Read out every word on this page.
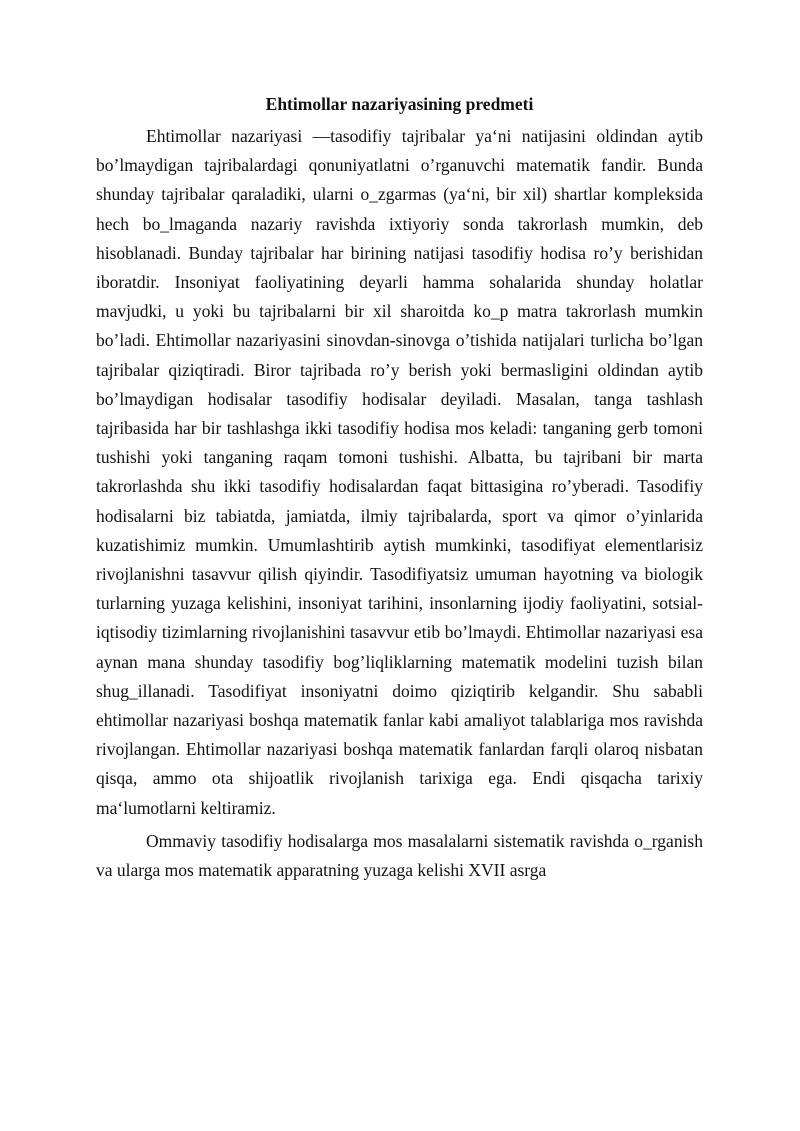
Ehtimollar nazariyasining predmeti

Ehtimollar nazariyasi ―tasodifiy tajribalar ya‘ni natijasini oldindan aytib bo’lmaydigan tajribalardagi qonuniyatlatni o’rganuvchi matematik fandir. Bunda shunday tajribalar qaraladiki, ularni o_zgarmas (ya‘ni, bir xil) shartlar kompleksida hech bo_lmaganda nazariy ravishda ixtiyoriy sonda takrorlash mumkin, deb hisoblanadi. Bunday tajribalar har birining natijasi tasodifiy hodisa ro’y berishidan iboratdir. Insoniyat faoliyatining deyarli hamma sohalarida shunday holatlar mavjudki, u yoki bu tajribalarni bir xil sharoitda ko_p matra takrorlash mumkin bo’ladi. Ehtimollar nazariyasini sinovdan-sinovga o’tishida natijalari turlicha bo’lgan tajribalar qiziqtiradi. Biror tajribada ro’y berish yoki bermasligini oldindan aytib bo’lmaydigan hodisalar tasodifiy hodisalar deyiladi. Masalan, tanga tashlash tajribasida har bir tashlashga ikki tasodifiy hodisa mos keladi: tanganing gerb tomoni tushishi yoki tanganing raqam tomoni tushishi. Albatta, bu tajribani bir marta takrorlashda shu ikki tasodifiy hodisalardan faqat bittasigina ro’yberadi. Tasodifiy hodisalarni biz tabiatda, jamiatda, ilmiy tajribalarda, sport va qimor o’yinlarida kuzatishimiz mumkin. Umumlashtirib aytish mumkinki, tasodifiyat elementlarisiz rivojlanishni tasavvur qilish qiyindir. Tasodifiyatsiz umuman hayotning va biologik turlarning yuzaga kelishini, insoniyat tarihini, insonlarning ijodiy faoliyatini, sotsial-iqtisodiy tizimlarning rivojlanishini tasavvur etib bo’lmaydi. Ehtimollar nazariyasi esa aynan mana shunday tasodifiy bog’liqliklarning matematik modelini tuzish bilan shug_illanadi. Tasodifiyat insoniyatni doimo qiziqtirib kelgandir. Shu sababli ehtimollar nazariyasi boshqa matematik fanlar kabi amaliyot talablariga mos ravishda rivojlangan. Ehtimollar nazariyasi boshqa matematik fanlardan farqli olaroq nisbatan qisqa, ammo ota shijoatlik rivojlanish tarixiga ega. Endi qisqacha tarixiy ma‘lumotlarni keltiramiz.

Ommaviy tasodifiy hodisalarga mos masalalarni sistematik ravishda o_rganish va ularga mos matematik apparatning yuzaga kelishi XVII asrga
